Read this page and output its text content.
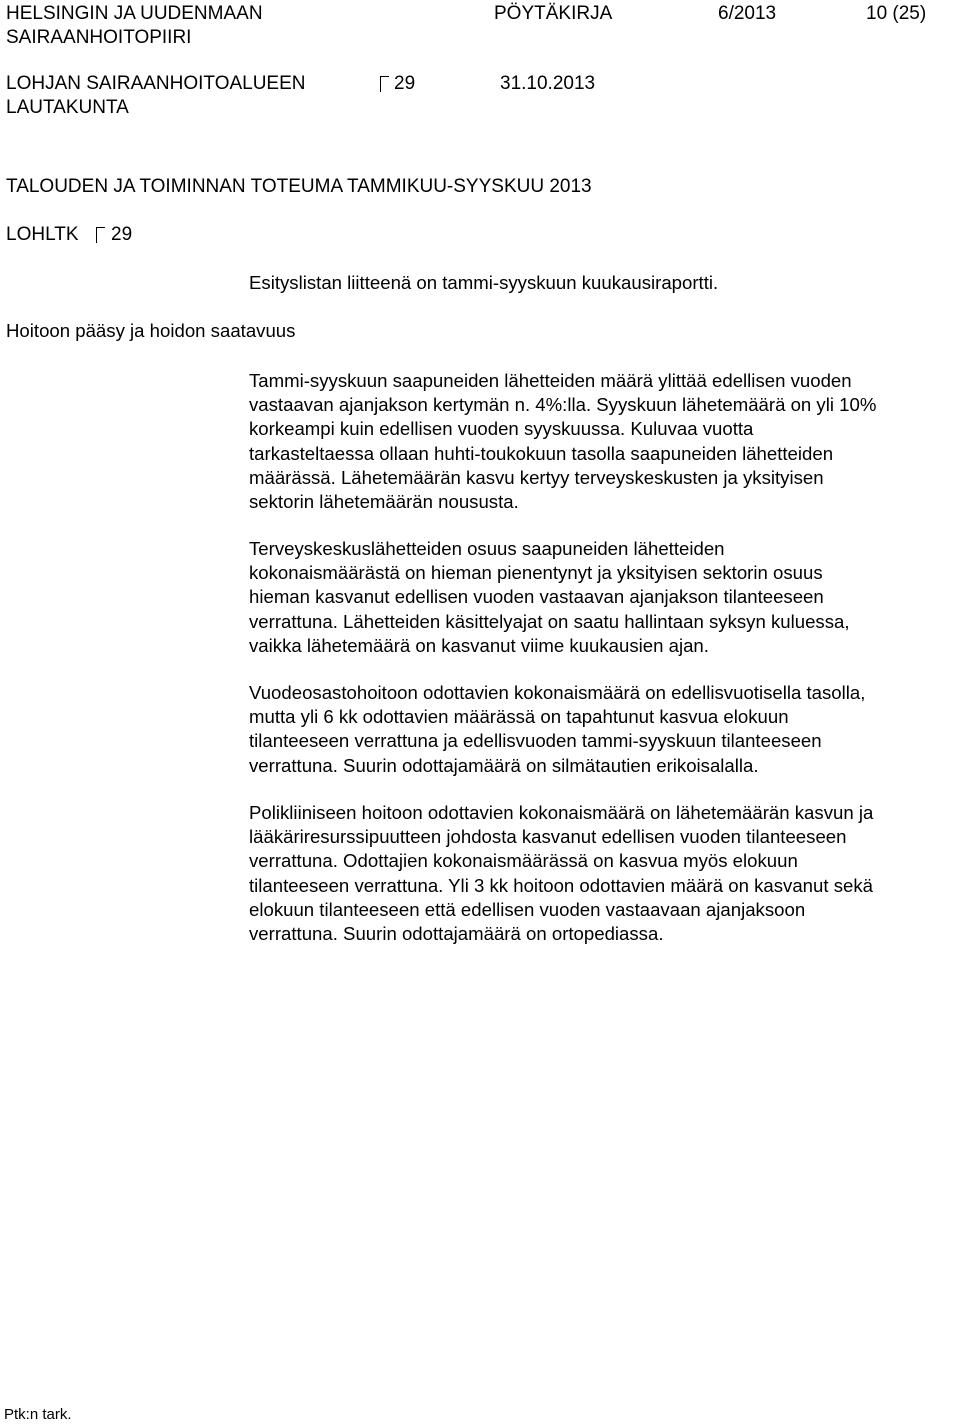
HELSINGIN JA UUDENMAAN
SAIRAANHOITOPIIRI
PÖYTÄKIRJA	6/2013	10 (25)
LOHJAN SAIRAANHOITOALUEEN
LAUTAKUNTA
29	31.10.2013
TALOUDEN JA TOIMINNAN TOTEUMA TAMMIKUU-SYYSKUU 2013
LOHLTK 29
Esityslistan liitteenä on tammi-syyskuun kuukausiraportti.
Hoitoon pääsy ja hoidon saatavuus
Tammi-syyskuun saapuneiden lähetteiden määrä ylittää edellisen vuoden
vastaavan ajanjakson kertymän n. 4%:lla. Syyskuun lähetemäärä on yli 10%
korkeampi kuin edellisen vuoden syyskuussa. Kuluvaa vuotta
tarkasteltaessa ollaan huhti-toukokuun tasolla saapuneiden lähetteiden
määrässä. Lähetemäärän kasvu kertyy terveyskeskusten ja yksityisen
sektorin lähetemäärän noususta.
Terveyskeskuslähetteiden osuus saapuneiden lähetteiden
kokonaismäärästä on hieman pienentynyt ja yksityisen sektorin osuus
hieman kasvanut edellisen vuoden vastaavan ajanjakson tilanteeseen
verrattuna. Lähetteiden käsittelyajat on saatu hallintaan syksyn kuluessa,
vaikka lähetemäärä on kasvanut viime kuukausien ajan.
Vuodeosastohoitoon odottavien kokonaismäärä on edellisvuotisella tasolla,
mutta yli 6 kk odottavien määrässä on tapahtunut kasvua elokuun
tilanteeseen verrattuna ja edellisvuoden tammi-syyskuun tilanteeseen
verrattuna. Suurin odottajamäärä on silmätautien erikoisalalla.
Polikliiniseen hoitoon odottavien kokonaismäärä on lähetemäärän kasvun ja
lääkäriresurssipuutteen johdosta kasvanut edellisen vuoden tilanteeseen
verrattuna. Odottajien kokonaismäärässä on kasvua myös elokuun
tilanteeseen verrattuna. Yli 3 kk hoitoon odottavien määrä on kasvanut sekä
elokuun tilanteeseen että edellisen vuoden vastaavaan ajanjaksoon
verrattuna. Suurin odottajamäärä on ortopediassa.
Ptk:n tark.
